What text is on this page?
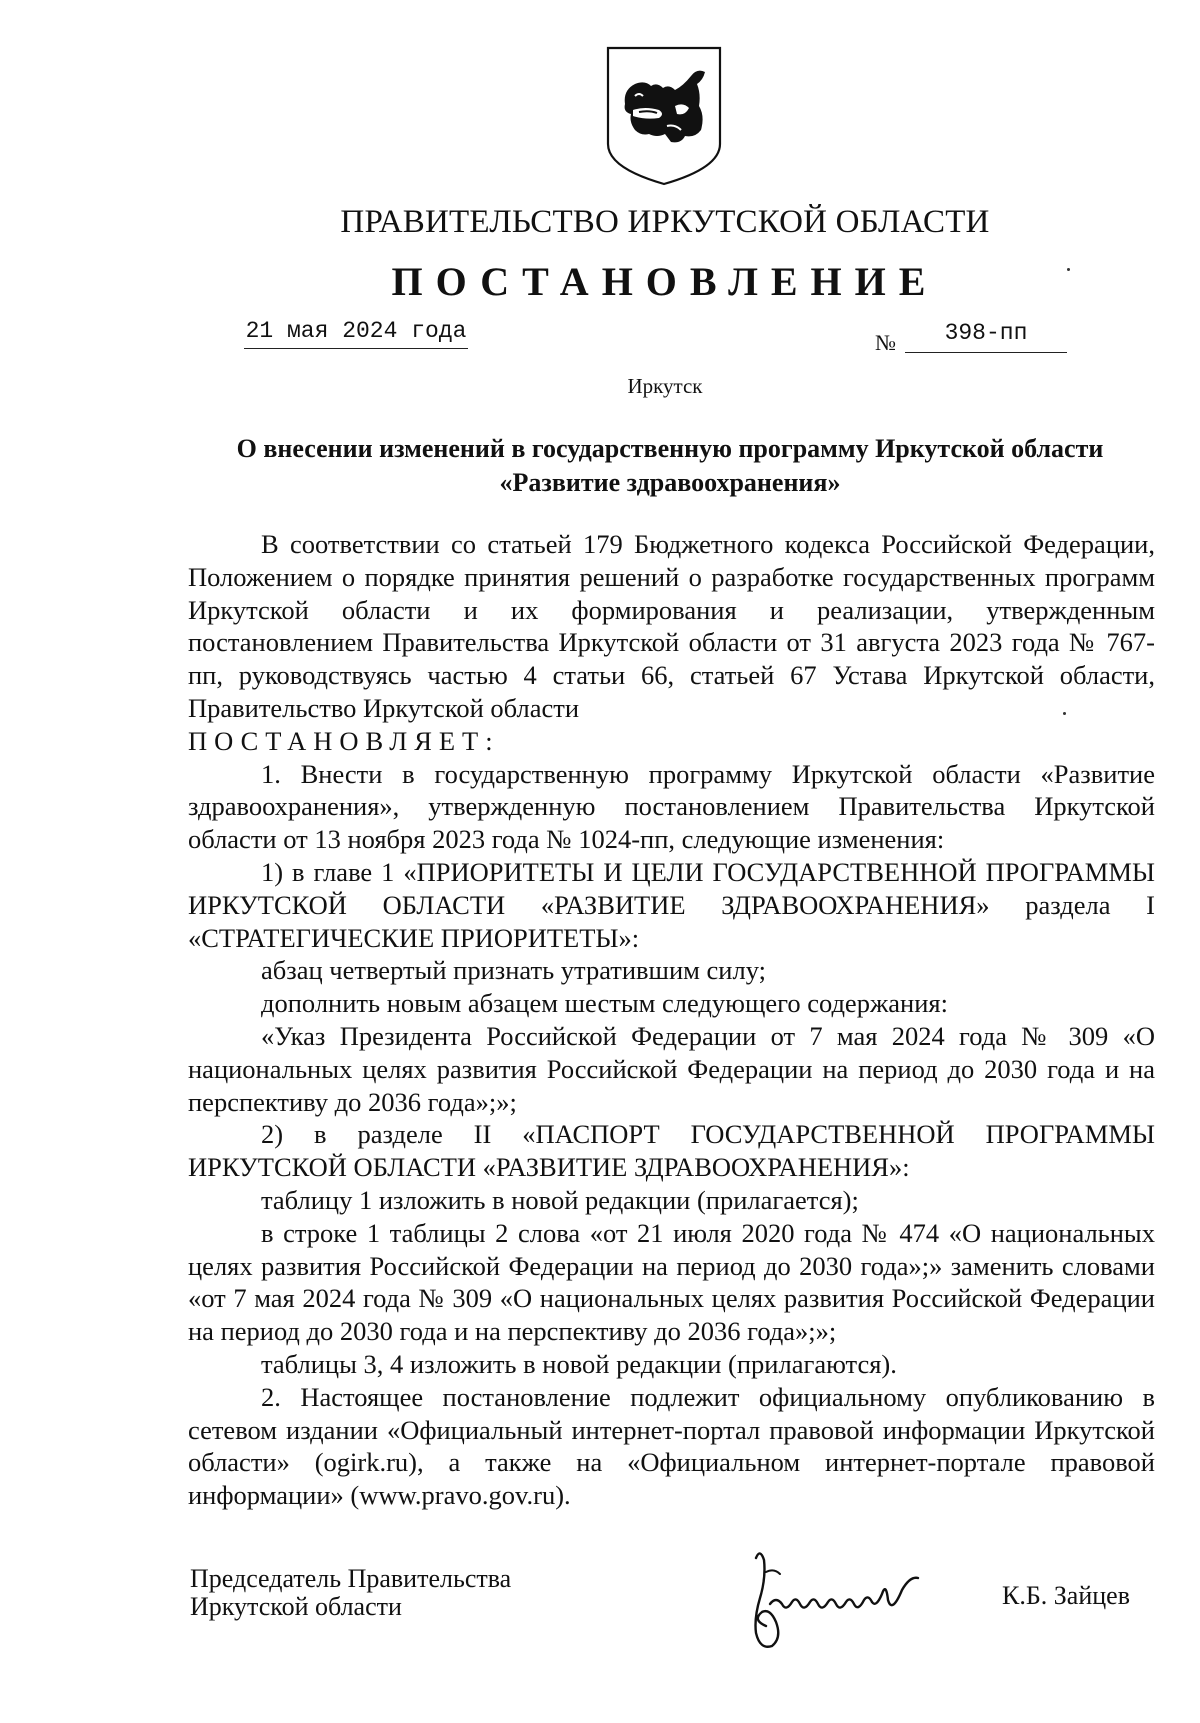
ПРАВИТЕЛЬСТВО ИРКУТСКОЙ ОБЛАСТИ
ПОСТАНОВЛЕНИЕ
21 мая 2024 года	№	398-пп
Иркутск
О внесении изменений в государственную программу Иркутской области «Развитие здравоохранения»

В соответствии со статьей 179 Бюджетного кодекса Российской Федерации, Положением о порядке принятия решений о разработке государственных программ Иркутской области и их формирования и реализации, утвержденным постановлением Правительства Иркутской области от 31 августа 2023 года № 767-пп, руководствуясь частью 4 статьи 66, статьей 67 Устава Иркутской области, Правительство Иркутской области

ПОСТАНОВЛЯЕТ:

1. Внести в государственную программу Иркутской области «Развитие здравоохранения», утвержденную постановлением Правительства Иркутской области от 13 ноября 2023 года № 1024-пп, следующие изменения:

1) в главе 1 «ПРИОРИТЕТЫ И ЦЕЛИ ГОСУДАРСТВЕННОЙ ПРОГРАММЫ ИРКУТСКОЙ ОБЛАСТИ «РАЗВИТИЕ ЗДРАВООХРАНЕНИЯ» раздела I «СТРАТЕГИЧЕСКИЕ ПРИОРИТЕТЫ»:

абзац четвертый признать утратившим силу;

дополнить новым абзацем шестым следующего содержания:

«Указ Президента Российской Федерации от 7 мая 2024 года № 309 «О национальных целях развития Российской Федерации на период до 2030 года и на перспективу до 2036 года»;»;

2) в разделе II «ПАСПОРТ ГОСУДАРСТВЕННОЙ ПРОГРАММЫ ИРКУТСКОЙ ОБЛАСТИ «РАЗВИТИЕ ЗДРАВООХРАНЕНИЯ»:

таблицу 1 изложить в новой редакции (прилагается);

в строке 1 таблицы 2 слова «от 21 июля 2020 года № 474 «О национальных целях развития Российской Федерации на период до 2030 года»;» заменить словами «от 7 мая 2024 года № 309 «О национальных целях развития Российской Федерации на период до 2030 года и на перспективу до 2036 года»;»;

таблицы 3, 4 изложить в новой редакции (прилагаются).

2. Настоящее постановление подлежит официальному опубликованию в сетевом издании «Официальный интернет-портал правовой информации Иркутской области» (ogirk.ru), а также на «Официальном интернет-портале правовой информации» (www.pravo.gov.ru).

Председатель Правительства
Иркутской области	К.Б. Зайцев
